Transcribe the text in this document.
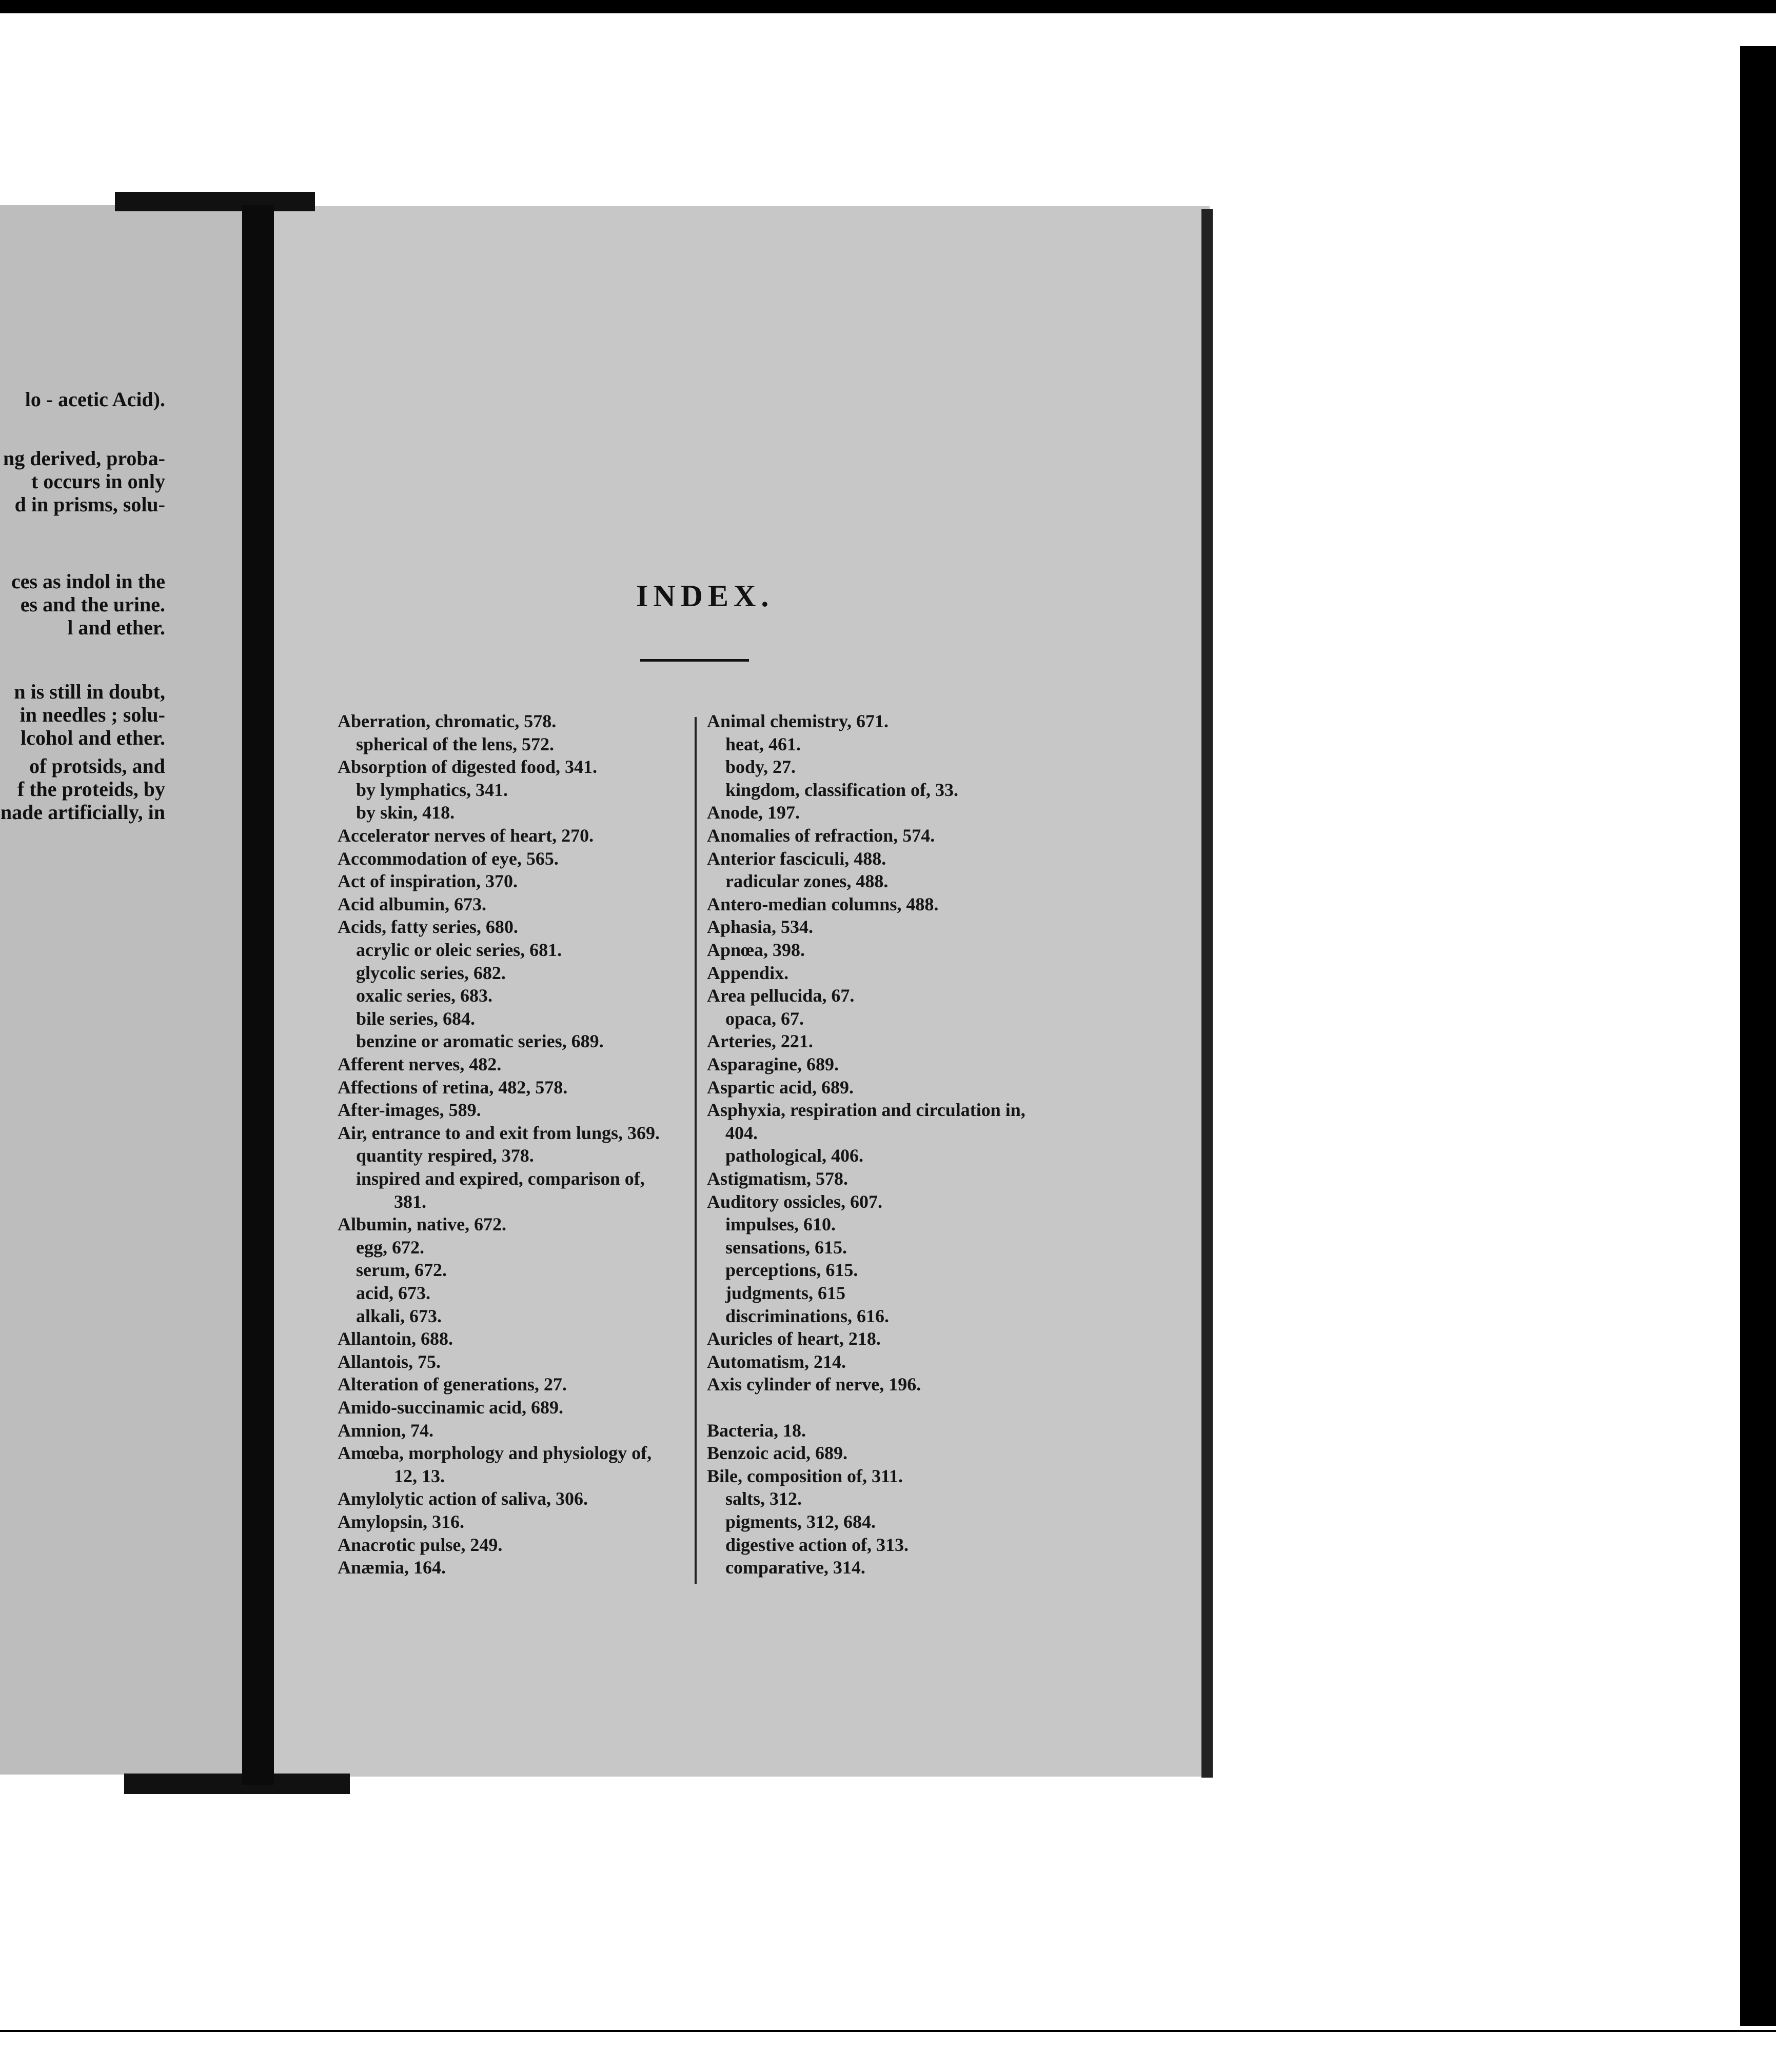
lo - acetic Acid).
ng derived, proba-
t occurs in only
d in prisms, solu-
ces as indol in the
es and the urine.
l and ether.
n is still in doubt,
in needles ; solu-
lcohol and ether.
of protsids, and
f the proteids, by
nade artificially, in
INDEX.
Aberration, chromatic, 578.
spherical of the lens, 572.
Absorption of digested food, 341.
by lymphatics, 341.
by skin, 418.
Accelerator nerves of heart, 270.
Accommodation of eye, 565.
Act of inspiration, 370.
Acid albumin, 673.
Acids, fatty series, 680.
acrylic or oleic series, 681.
glycolic series, 682.
oxalic series, 683.
bile series, 684.
benzine or aromatic series, 689.
Afferent nerves, 482.
Affections of retina, 482, 578.
After-images, 589.
Air, entrance to and exit from lungs, 369.
quantity respired, 378.
inspired and expired, comparison of,
381.
Albumin, native, 672.
egg, 672.
serum, 672.
acid, 673.
alkali, 673.
Allantoin, 688.
Allantois, 75.
Alteration of generations, 27.
Amido-succinamic acid, 689.
Amnion, 74.
Amœba, morphology and physiology of,
12, 13.
Amylolytic action of saliva, 306.
Amylopsin, 316.
Anacrotic pulse, 249.
Anæmia, 164.
Animal chemistry, 671.
heat, 461.
body, 27.
kingdom, classification of, 33.
Anode, 197.
Anomalies of refraction, 574.
Anterior fasciculi, 488.
radicular zones, 488.
Antero-median columns, 488.
Aphasia, 534.
Apnœa, 398.
Appendix.
Area pellucida, 67.
opaca, 67.
Arteries, 221.
Asparagine, 689.
Aspartic acid, 689.
Asphyxia, respiration and circulation in,
404.
pathological, 406.
Astigmatism, 578.
Auditory ossicles, 607.
impulses, 610.
sensations, 615.
perceptions, 615.
judgments, 615
discriminations, 616.
Auricles of heart, 218.
Automatism, 214.
Axis cylinder of nerve, 196.
Bacteria, 18.
Benzoic acid, 689.
Bile, composition of, 311.
salts, 312.
pigments, 312, 684.
digestive action of, 313.
comparative, 314.
